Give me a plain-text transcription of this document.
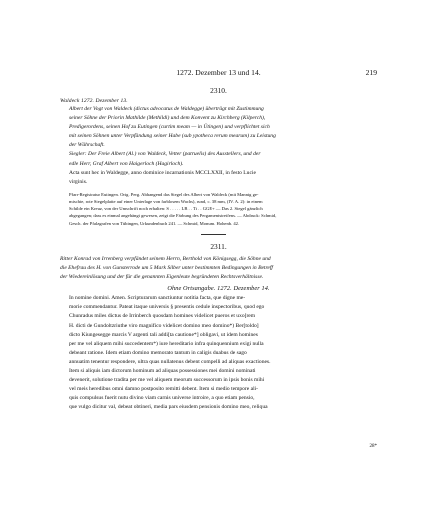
1272. Dezember 13 und 14.	219

2310.

Waldeck 1272. Dezember 13.

Albert der Vogt von Waldeck (dictus advocatus de Waldegge) überträgt mit Zustimmung
seiner Söhne der Priorin Mathilde (Methildi) und dem Konvent zu Kirchberg (Kilperch),
Predigerordens, seinen Hof zu Eutingen (curtim meam — in Ütingen) und verpflichtet sich
mit seinen Söhnen unter Verpfändung seiner Habe (sub ypotheca rerum mearum) zu Leistung
der Währschaft.

Siegler: Der Freie Albert (Al.) von Waldeck, Vetter (patruelis) des Ausstellers, und der
edle Herr, Graf Albert von Haigerloch (Hagirloch).

Acta sunt hec in Waldegge, anno dominice incarnationis MCCLXXII, in festo Lucie
virginis.

Pfarr-Registratur Eutingen. Orig. Perg. Abhangend das Siegel des Albert von Waldeck (mit Mannig ge-
mischte, rote Siegelplatte auf einer Unterlage von farblosem Wachs), rund, c. 38 mm, (IV. A. 2): in einem
Schilde ein Kreuz, von der Umschrift noch erhalten: S . . . . . LB . . Ti . . GGE+ — Das 2. Siegel gänzlich
abgegangen; dass es einmal angehängt gewesen, zeigt die Färbung des Pergamentstreifens. — Abdruck: Schmid,
Gesch. der Pfalzgrafen von Tübingen, Urkundenbuch 241. — Schmid, Monum. Hohenb. 42.

2311.

Ritter Konrad von Irrenberg verpfändet seinem Herrn, Berthold von Königsegg, die Söhne und
die Ehefrau des H. von Gunsterrode um 5 Mark Silber unter bestimmten Bedingungen in Betreff
der Wiedereinlösung und der für die genannten Eigenleute begründeten Rechtsverhältnisse.

Ohne Ortsangabe. 1272. Dezember 14.

In nomine domini. Amen. Scripturarum sanctiuntur notitia facta, que digne me-
morie commendantur. Pateat itaque universis § presentis cedule inspectoribus, quod ego
Chunradus miles dictus de Irrinberch quosdam homines videlicet pueros et uxo[rem
H. dicti de Gundoltzriuthe viro magnifico videlicet domino meo domino*) Ber[toldo]
dicto Kiungesegge marcis V argenti tali addi[ta cautione*] obligavi, ut idem homines
per me vel aliquem mihi succedentem*) iure hereditario infra quinquennium exigi nulla
debeant ratione. Idem etiam domino memorato tantum in caligis duabus de sago
annuatim tenentur respondere, ultra quas nullatenus debent compelli ad aliquas exactiones.
Item si aliquis iam dictorum hominum ad aliquas possessiones mei domini nominati
devenerit, solutione tradita per me vel aliquem meorum successorum in ipsis bonis mihi
vel meis heredibus omni damno postposito remitti debent. Item si medio tempore ali-
quis compulsus fuerit nutu divino viam carnis universe introire, a quo etiam pensio,
que vulgo dicitur val, debeat obtineri, media pars eiusdem pensionis domino meo, reliqua

28*
